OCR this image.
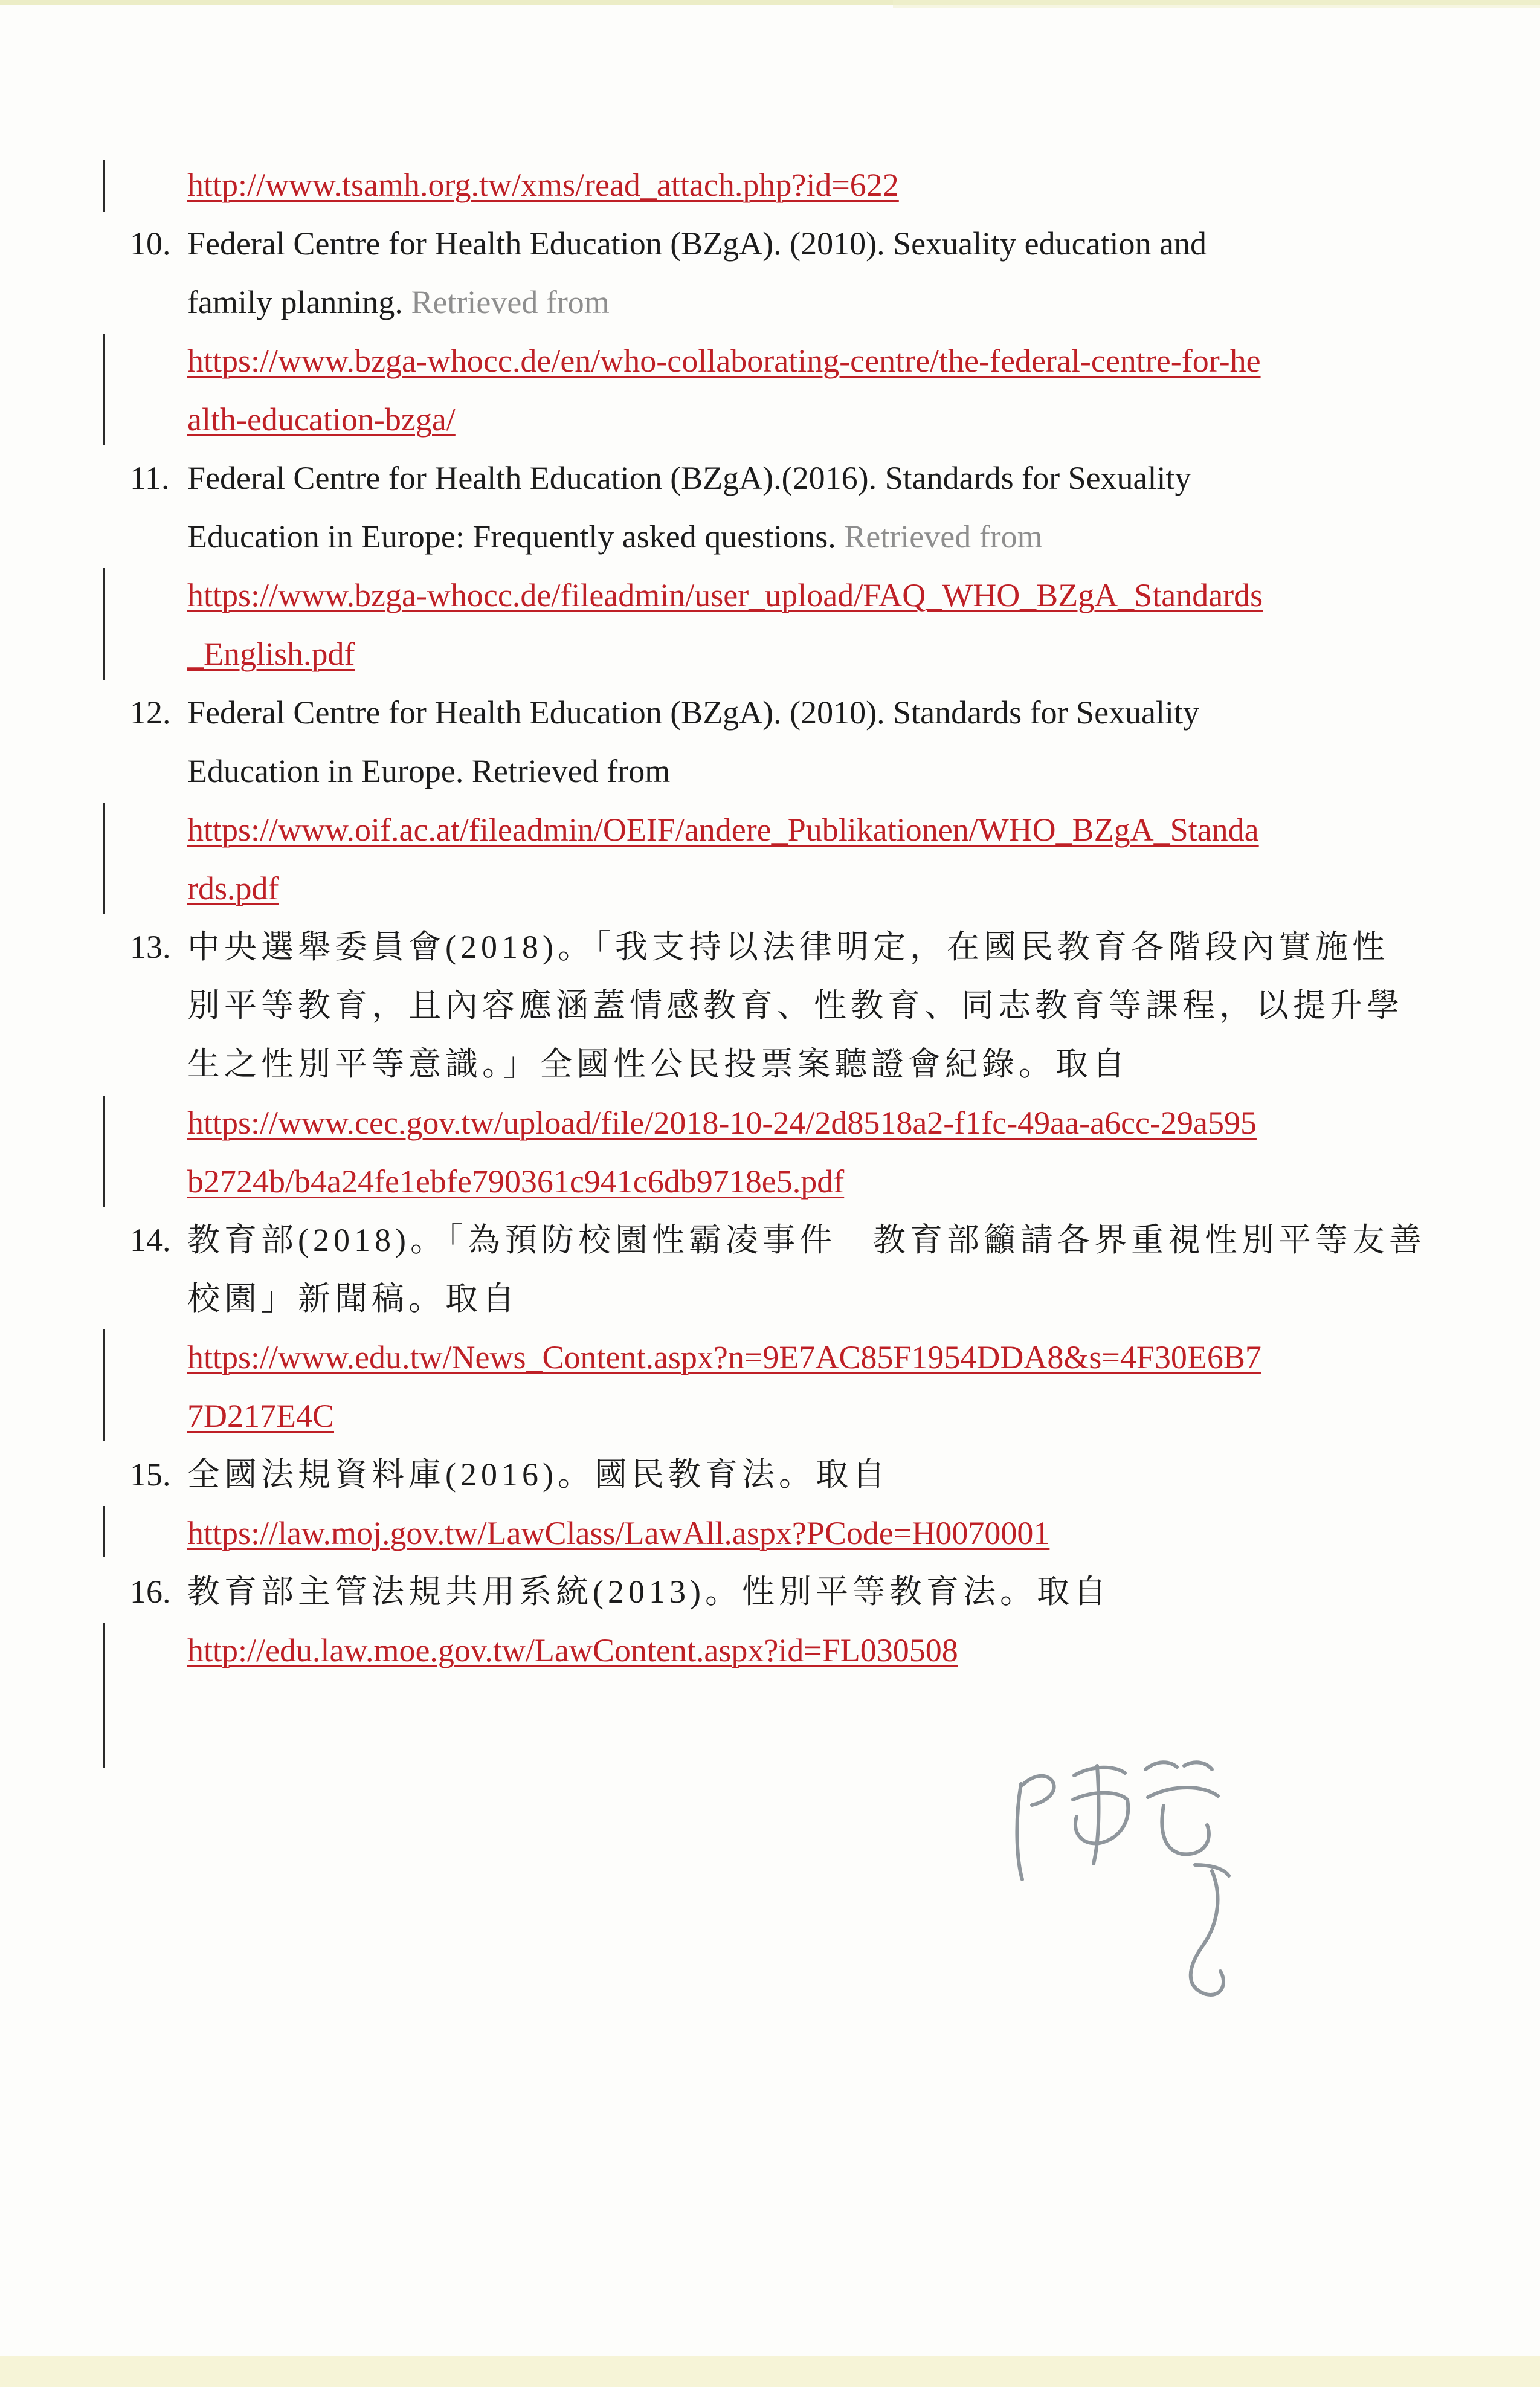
http://www.tsamh.org.tw/xms/read_attach.php?id=622
10. Federal Centre for Health Education (BZgA). (2010). Sexuality education and
family planning. Retrieved from
https://www.bzga-whocc.de/en/who-collaborating-centre/the-federal-centre-for-he
alth-education-bzga/
11. Federal Centre for Health Education (BZgA).(2016). Standards for Sexuality
Education in Europe: Frequently asked questions. Retrieved from
https://www.bzga-whocc.de/fileadmin/user_upload/FAQ_WHO_BZgA_Standards
_English.pdf
12. Federal Centre for Health Education (BZgA). (2010). Standards for Sexuality
Education in Europe. Retrieved from
https://www.oif.ac.at/fileadmin/OEIF/andere_Publikationen/WHO_BZgA_Standa
rds.pdf
13. 中央選舉委員會(2018)。「我支持以法律明定，在國民教育各階段內實施性
別平等教育，且內容應涵蓋情感教育、性教育、同志教育等課程，以提升學
生之性別平等意識。」全國性公民投票案聽證會紀錄。取自
https://www.cec.gov.tw/upload/file/2018-10-24/2d8518a2-f1fc-49aa-a6cc-29a595
b2724b/b4a24fe1ebfe790361c941c6db9718e5.pdf
14. 教育部(2018)。「為預防校園性霸凌事件　教育部籲請各界重視性別平等友善
校園」新聞稿。取自
https://www.edu.tw/News_Content.aspx?n=9E7AC85F1954DDA8&s=4F30E6B7
7D217E4C
15. 全國法規資料庫(2016)。國民教育法。取自
https://law.moj.gov.tw/LawClass/LawAll.aspx?PCode=H0070001
16. 教育部主管法規共用系統(2013)。性別平等教育法。取自
http://edu.law.moe.gov.tw/LawContent.aspx?id=FL030508
